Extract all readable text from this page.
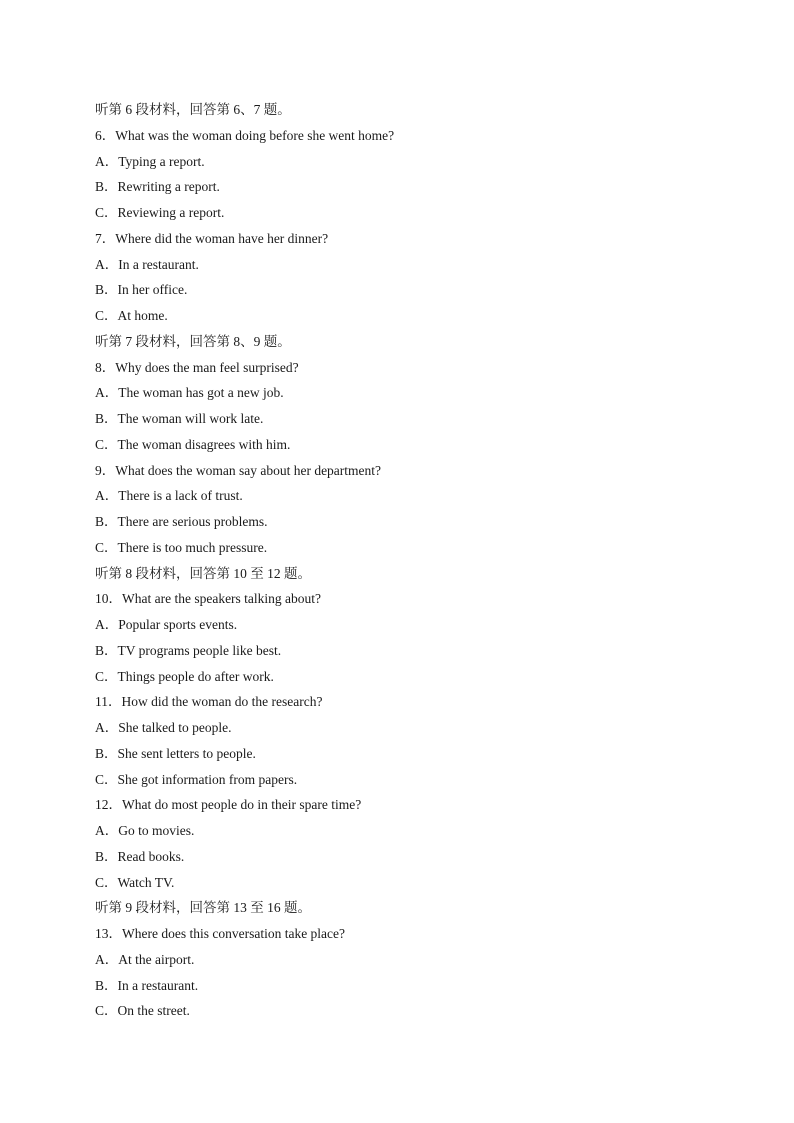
听第 6 段材料，回答第 6、7 题。
6．What was the woman doing before she went home?
A．Typing a report.
B．Rewriting a report.
C．Reviewing a report.
7．Where did the woman have her dinner?
A．In a restaurant.
B．In her office.
C．At home.
听第 7 段材料，回答第 8、9 题。
8．Why does the man feel surprised?
A．The woman has got a new job.
B．The woman will work late.
C．The woman disagrees with him.
9．What does the woman say about her department?
A．There is a lack of trust.
B．There are serious problems.
C．There is too much pressure.
听第 8 段材料，回答第 10 至 12 题。
10．What are the speakers talking about?
A．Popular sports events.
B．TV programs people like best.
C．Things people do after work.
11．How did the woman do the research?
A．She talked to people.
B．She sent letters to people.
C．She got information from papers.
12．What do most people do in their spare time?
A．Go to movies.
B．Read books.
C．Watch TV.
听第 9 段材料，回答第 13 至 16 题。
13．Where does this conversation take place?
A．At the airport.
B．In a restaurant.
C．On the street.
